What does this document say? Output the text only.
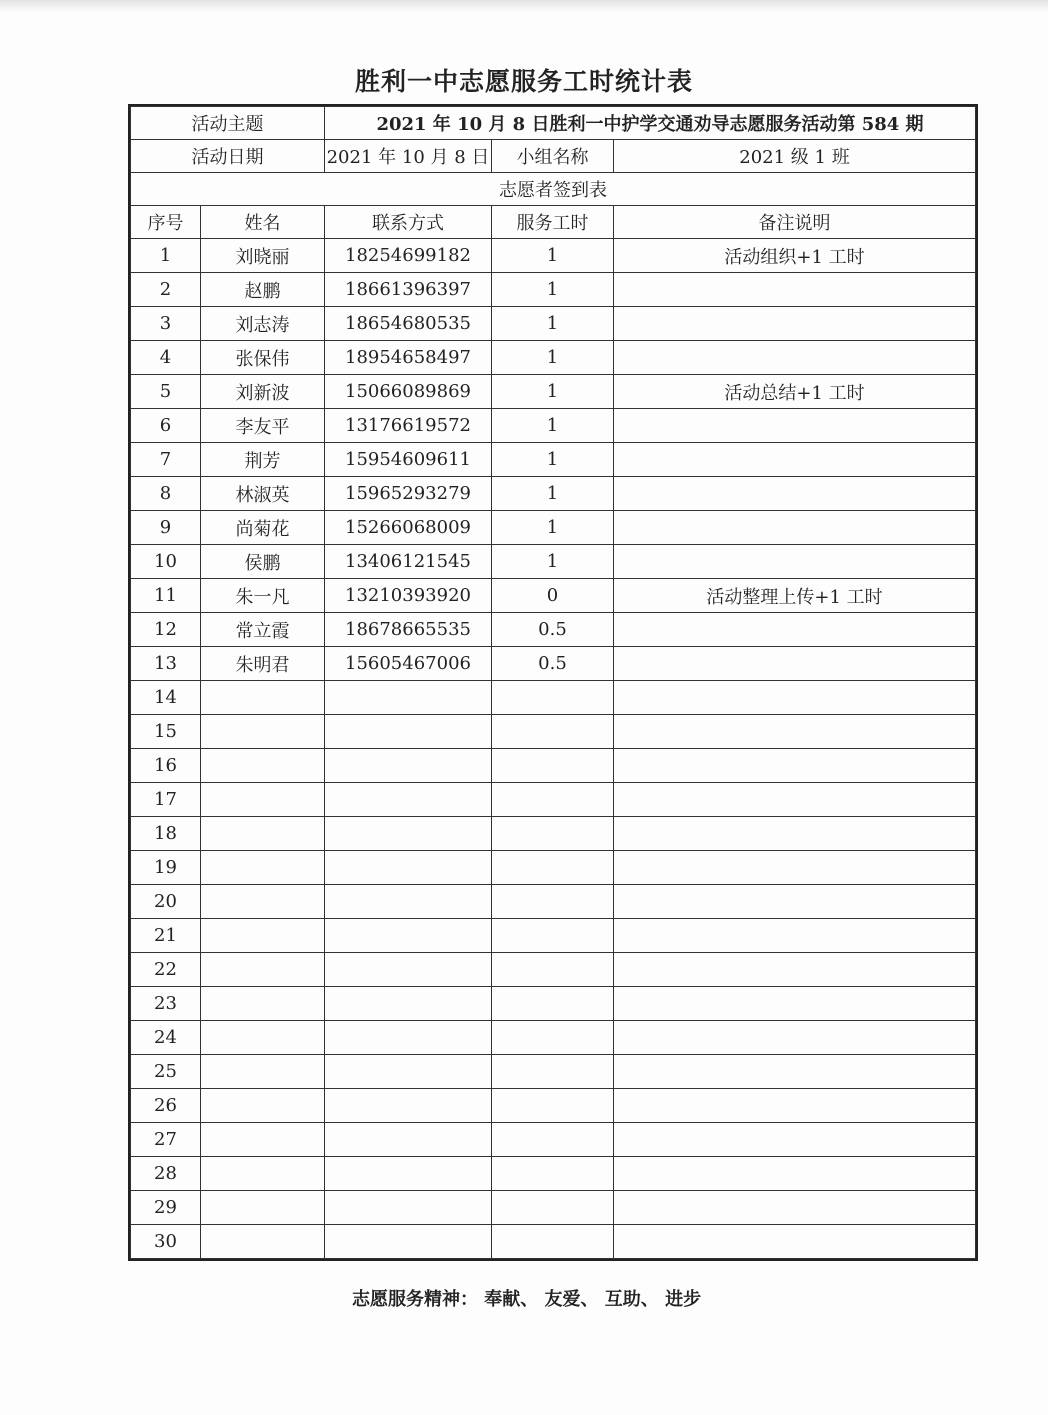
胜利一中志愿服务工时统计表
活动主题		2021 年 10 月 8 日胜利一中护学交通劝导志愿服务活动第 584 期		
活动日期		2021 年 10 月 8 日	小组名称	2021 级 1 班
志愿者签到表				
序号	姓名	联系方式	服务工时	备注说明
1	刘晓丽	18254699182	1	活动组织+1 工时
2	赵鹏	18661396397	1	
3	刘志涛	18654680535	1	
4	张保伟	18954658497	1	
5	刘新波	15066089869	1	活动总结+1 工时
6	李友平	13176619572	1	
7	荆芳	15954609611	1	
8	林淑英	15965293279	1	
9	尚菊花	15266068009	1	
10	侯鹏	13406121545	1	
11	朱一凡	13210393920	0	活动整理上传+1 工时
12	常立霞	18678665535	0.5	
13	朱明君	15605467006	0.5	
14				
15				
16				
17				
18				
19				
20				
21				
22				
23				
24				
25				
26				
27				
28				
29				
30				
志愿服务精神： 奉献、 友爱、 互助、 进步
